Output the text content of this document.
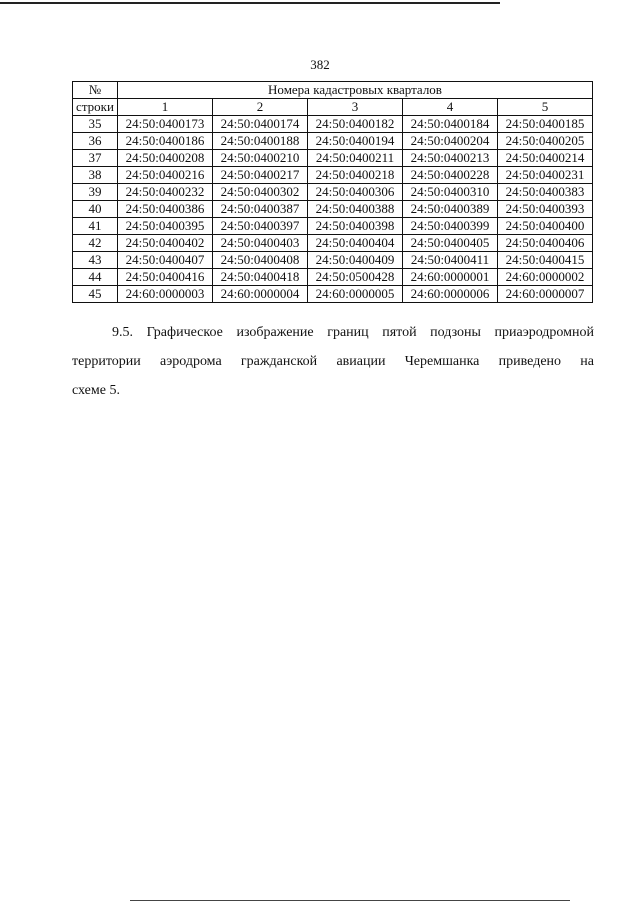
382
№	Номера кадастровых кварталов				
строки	1	2	3	4	5
35	24:50:0400173	24:50:0400174	24:50:0400182	24:50:0400184	24:50:0400185
36	24:50:0400186	24:50:0400188	24:50:0400194	24:50:0400204	24:50:0400205
37	24:50:0400208	24:50:0400210	24:50:0400211	24:50:0400213	24:50:0400214
38	24:50:0400216	24:50:0400217	24:50:0400218	24:50:0400228	24:50:0400231
39	24:50:0400232	24:50:0400302	24:50:0400306	24:50:0400310	24:50:0400383
40	24:50:0400386	24:50:0400387	24:50:0400388	24:50:0400389	24:50:0400393
41	24:50:0400395	24:50:0400397	24:50:0400398	24:50:0400399	24:50:0400400
42	24:50:0400402	24:50:0400403	24:50:0400404	24:50:0400405	24:50:0400406
43	24:50:0400407	24:50:0400408	24:50:0400409	24:50:0400411	24:50:0400415
44	24:50:0400416	24:50:0400418	24:50:0500428	24:60:0000001	24:60:0000002
45	24:60:0000003	24:60:0000004	24:60:0000005	24:60:0000006	24:60:0000007
9.5. Графическое изображение границ пятой подзоны приаэродромной
территории аэродрома гражданской авиации Черемшанка приведено на
схеме 5.
